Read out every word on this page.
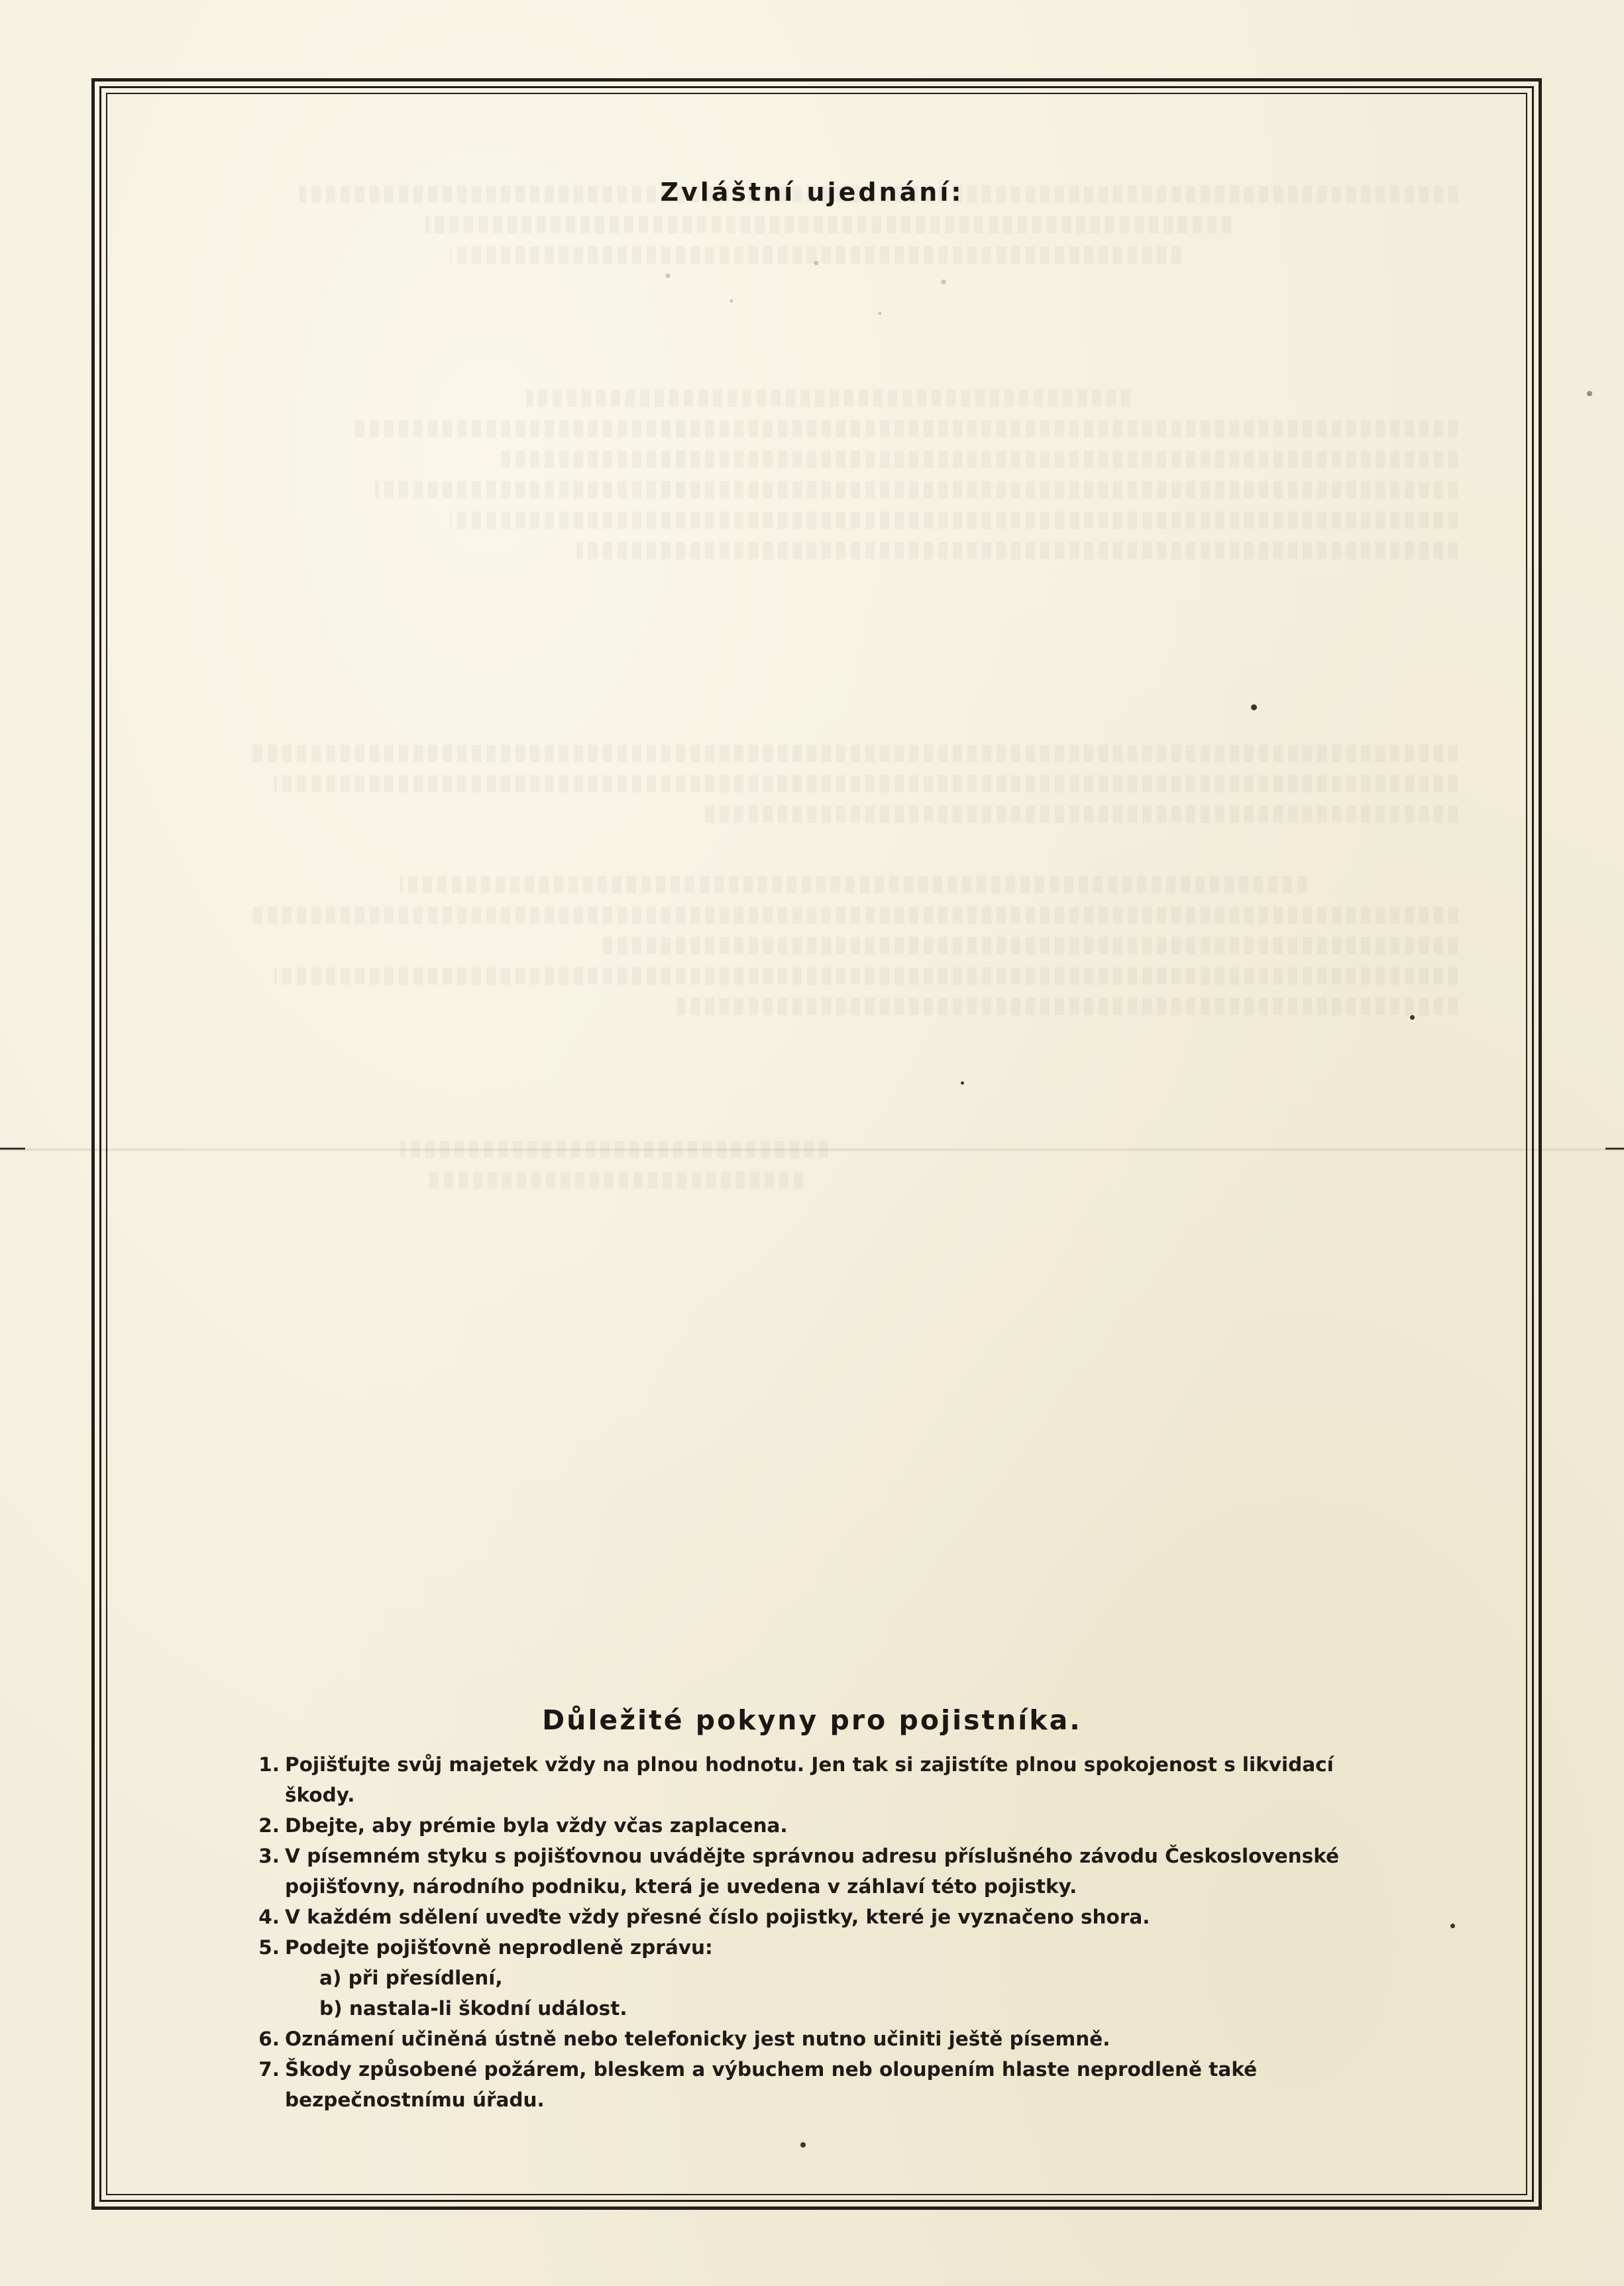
Zvláštní ujednání:
Důležité pokyny pro pojistníka.
1. Pojišťujte svůj majetek vždy na plnou hodnotu. Jen tak si zajistíte plnou spokojenost s likvidací škody.
2. Dbejte, aby prémie byla vždy včas zaplacena.
3. V písemném styku s pojišťovnou uvádějte správnou adresu příslušného závodu Československé pojišťovny, národního podniku, která je uvedena v záhlaví této pojistky.
4. V každém sdělení uveďte vždy přesné číslo pojistky, které je vyznačeno shora.
5. Podejte pojišťovně neprodleně zprávu:
a) při přesídlení,
b) nastala-li škodní událost.
6. Oznámení učiněná ústně nebo telefonicky jest nutno učiniti ještě písemně.
7. Škody způsobené požárem, bleskem a výbuchem neb oloupením hlaste neprodleně také bezpečnostnímu úřadu.
